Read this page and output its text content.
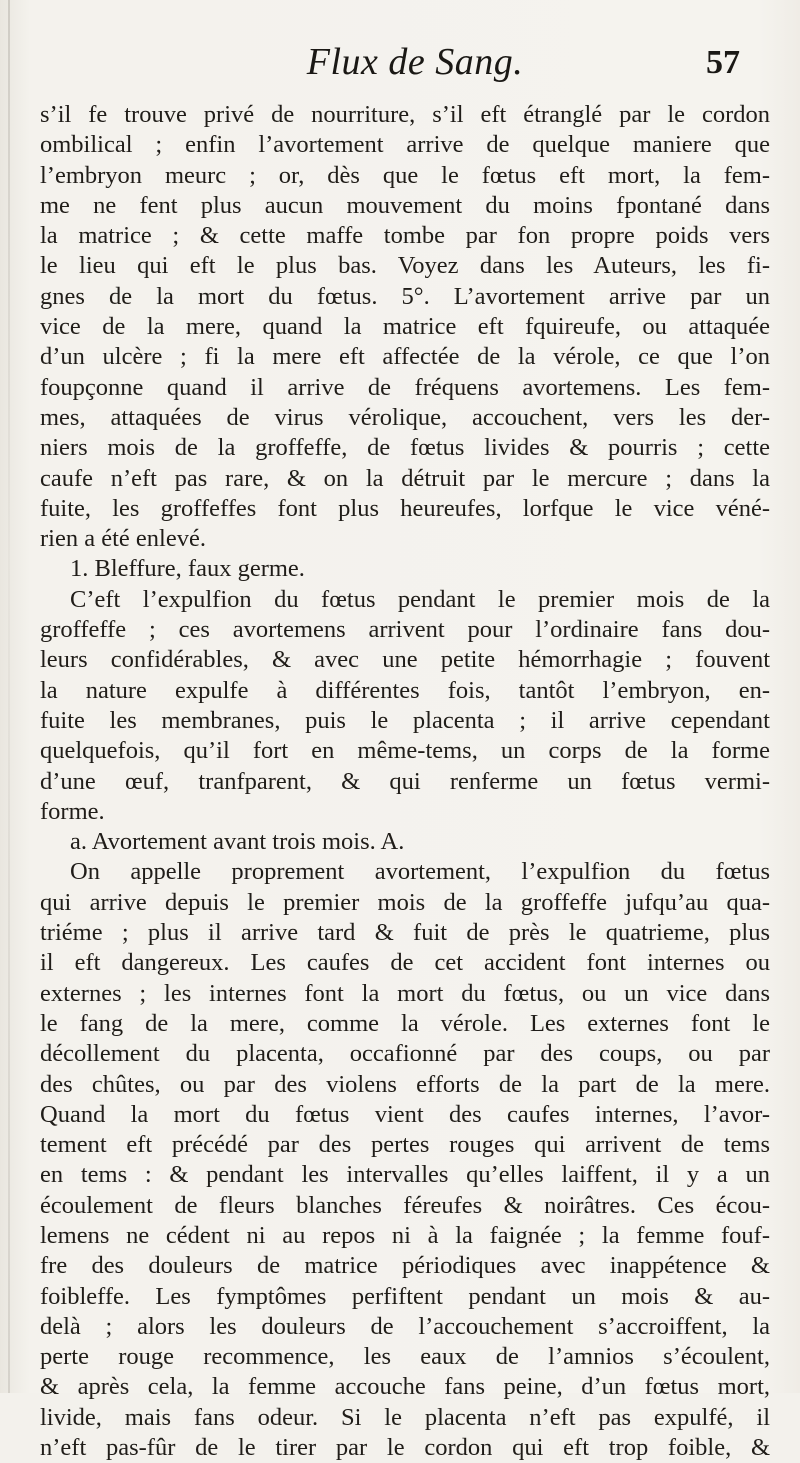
Flux de Sang.	57
s’il fe trouve privé de nourriture, s’il eft étranglé par le cordon
ombilical ; enfin l’avortement arrive de quelque maniere que
l’embryon meurc ; or, dès que le fœtus eft mort, la fem-
me ne fent plus aucun mouvement du moins fpontané dans
la matrice ; & cette maffe tombe par fon propre poids vers
le lieu qui eft le plus bas. Voyez dans les Auteurs, les fi-
gnes de la mort du fœtus. 5°. L’avortement arrive par un
vice de la mere, quand la matrice eft fquireufe, ou attaquée
d’un ulcère ; fi la mere eft affectée de la vérole, ce que l’on
foupçonne quand il arrive de fréquens avortemens. Les fem-
mes, attaquées de virus vérolique, accouchent, vers les der-
niers mois de la groffeffe, de fœtus livides & pourris ; cette
caufe n’eft pas rare, & on la détruit par le mercure ; dans la
fuite, les groffeffes font plus heureufes, lorfque le vice véné-
rien a été enlevé.
1. Bleffure, faux germe.
C’eft l’expulfion du fœtus pendant le premier mois de la
groffeffe ; ces avortemens arrivent pour l’ordinaire fans dou-
leurs confidérables, & avec une petite hémorrhagie ; fouvent
la nature expulfe à différentes fois, tantôt l’embryon, en-
fuite les membranes, puis le placenta ; il arrive cependant
quelquefois, qu’il fort en même-tems, un corps de la forme
d’une œuf, tranfparent, & qui renferme un fœtus vermi-
forme.
a. Avortement avant trois mois. A.
On appelle proprement avortement, l’expulfion du fœtus
qui arrive depuis le premier mois de la groffeffe jufqu’au qua-
triéme ; plus il arrive tard & fuit de près le quatrieme, plus
il eft dangereux. Les caufes de cet accident font internes ou
externes ; les internes font la mort du fœtus, ou un vice dans
le fang de la mere, comme la vérole. Les externes font le
décollement du placenta, occafionné par des coups, ou par
des chûtes, ou par des violens efforts de la part de la mere.
Quand la mort du fœtus vient des caufes internes, l’avor-
tement eft précédé par des pertes rouges qui arrivent de tems
en tems : & pendant les intervalles qu’elles laiffent, il y a un
écoulement de fleurs blanches féreufes & noirâtres. Ces écou-
lemens ne cédent ni au repos ni à la faignée ; la femme fouf-
fre des douleurs de matrice périodiques avec inappétence &
foibleffe. Les fymptômes perfiftent pendant un mois & au-
delà ; alors les douleurs de l’accouchement s’accroiffent, la
perte rouge recommence, les eaux de l’amnios s’écoulent,
& après cela, la femme accouche fans peine, d’un fœtus mort,
livide, mais fans odeur. Si le placenta n’eft pas expulfé, il
n’eft pas-fûr de le tirer par le cordon qui eft trop foible, &
